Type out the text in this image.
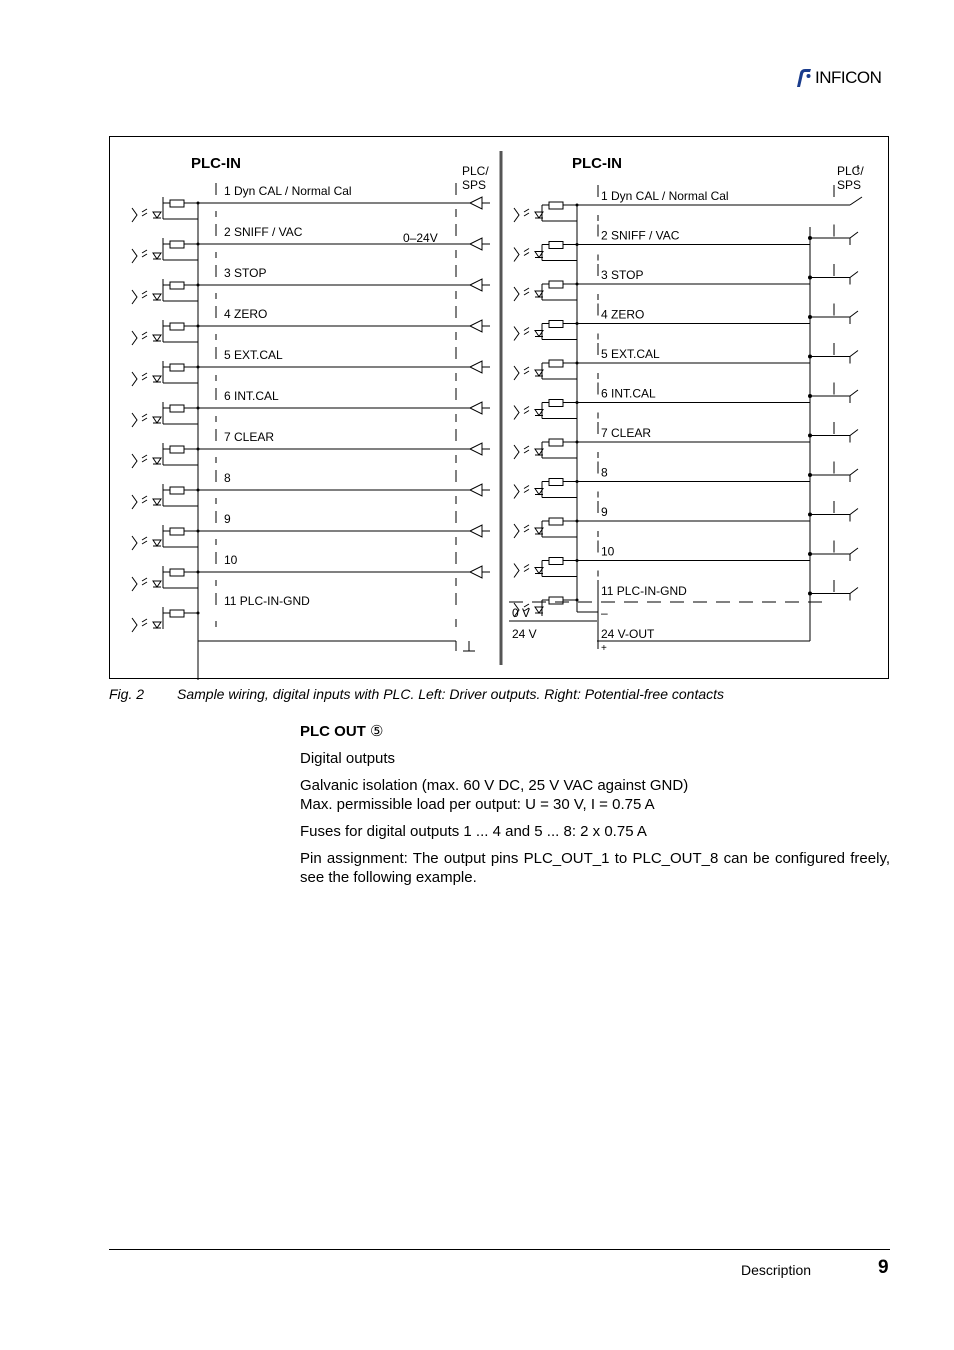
INFICON
PLC-IN	PLC/
SPS
0–24V
PLC-IN	PLC/
SPS
1 Dyn CAL / Normal Cal
2 SNIFF / VAC
3 STOP
4 ZERO
5 EXT.CAL
6 INT.CAL
7 CLEAR
8
9
10
11 PLC-IN-GND
1 Dyn CAL / Normal Cal
2 SNIFF / VAC
3 STOP
4 ZERO
5 EXT.CAL
6 INT.CAL
7 CLEAR
8
9
10
11 PLC-IN-GND
0 V	–
24 V	24 V-OUT
+
Fig. 2 Sample wiring, digital inputs with PLC. Left: Driver outputs. Right: Potential-free contacts

PLC OUT ⑤

Digital outputs

Galvanic isolation (max. 60 V DC, 25 V VAC against GND)
Max. permissible load per output: U = 30 V, I = 0.75 A

Fuses for digital outputs 1 ... 4 and 5 ... 8: 2 x 0.75 A

Pin assignment: The output pins PLC_OUT_1 to PLC_OUT_8 can be configured freely, see the following example.

Description	9
